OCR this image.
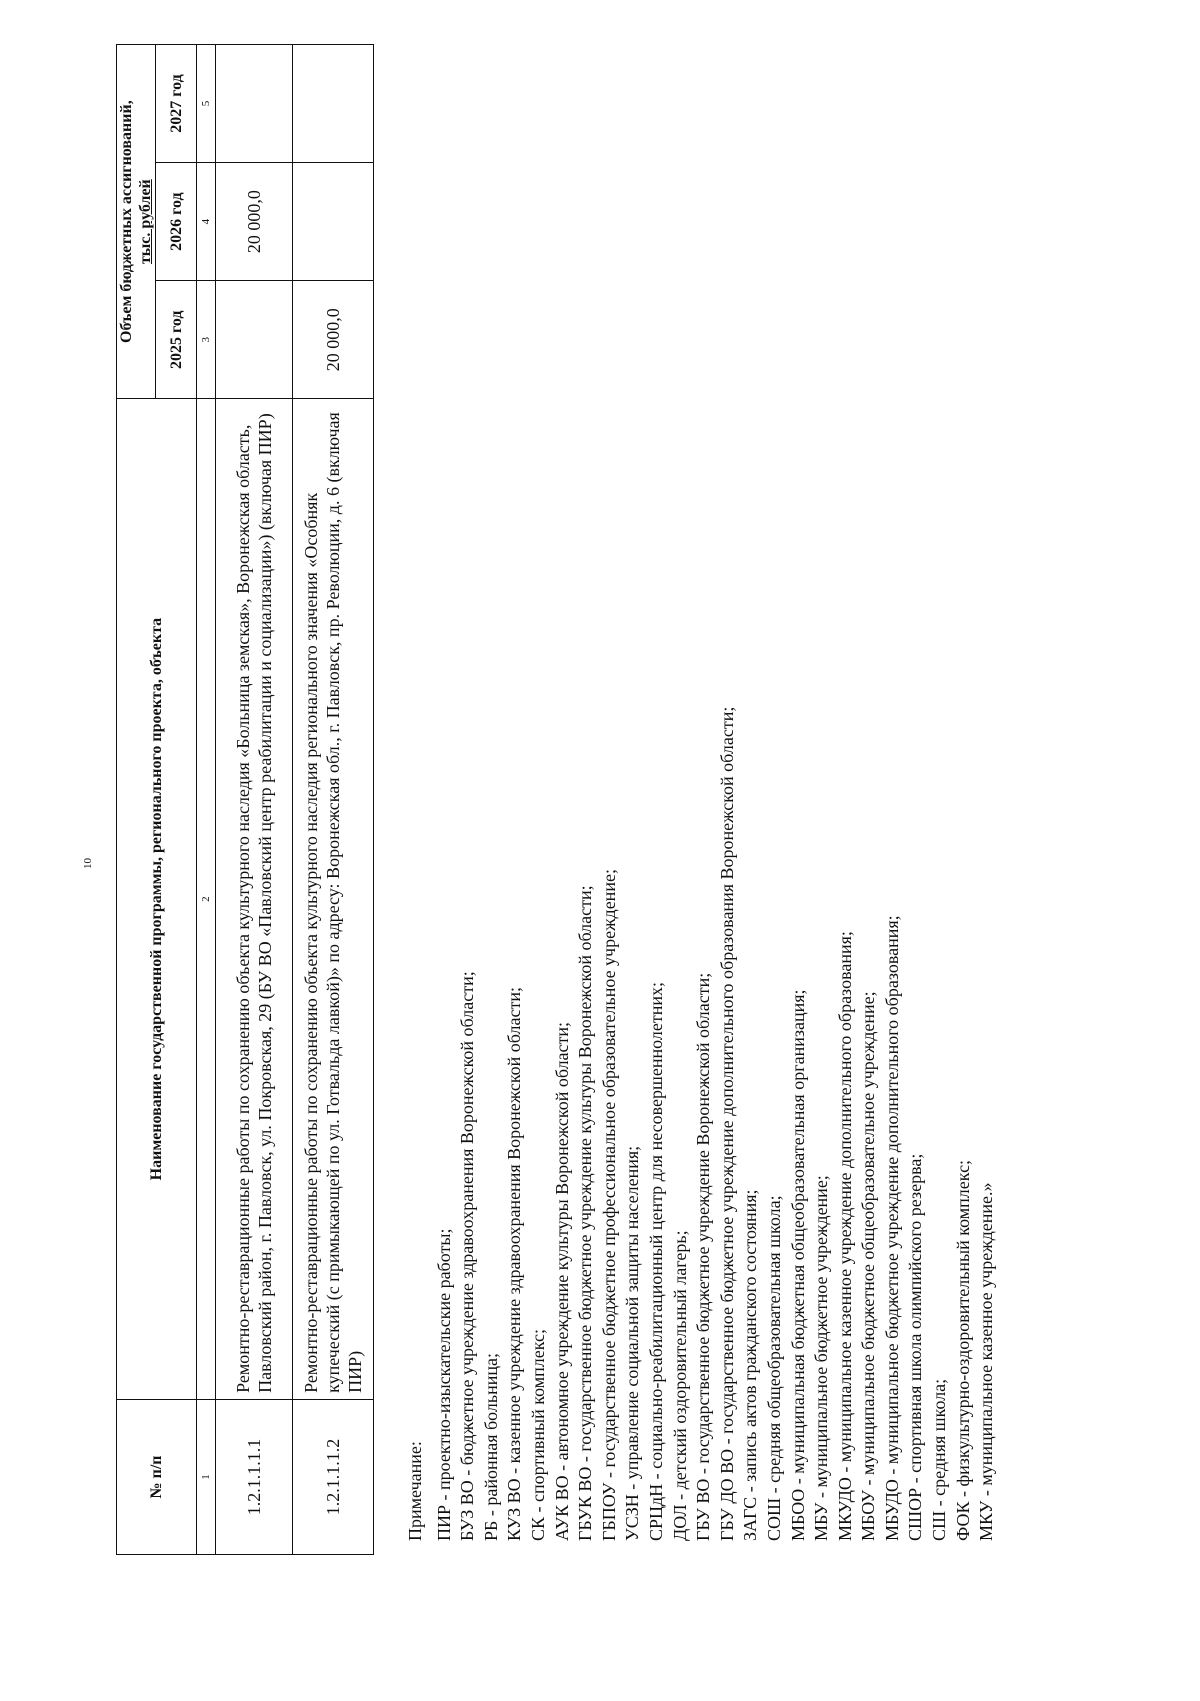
10
№ п/п	Наименование государственной программы, регионального проекта, объекта	Объем бюджетных ассигнований, тыс. рублей		

		2025 год	2026 год	2027 год
1	2	3	4	5
1.2.1.1.1.1	Ремонтно-реставрационные работы по сохранению объекта культурного наследия «Больница земская», Воронежская область, Павловский район, г. Павловск, ул. Покровская, 29 (БУ ВО «Павловский центр реабилитации и социализации») (включая ПИР)		20 000,0	
1.2.1.1.1.2	Ремонтно-реставрационные работы по сохранению объекта культурного наследия регионального значения «Особняк купеческий (с примыкающей по ул. Готвальда лавкой)» по адресу: Воронежская обл., г. Павловск, пр. Революции, д. 6 (включая ПИР)	20 000,0		
Примечание: ПИР - проектно-изыскательские работы; БУЗ ВО - бюджетное учреждение здравоохранения Воронежской области; РБ - районная больница; КУЗ ВО - казенное учреждение здравоохранения Воронежской области; СК - спортивный комплекс; АУК ВО - автономное учреждение культуры Воронежской области; ГБУК ВО - государственное бюджетное учреждение культуры Воронежской области; ГБПОУ - государственное бюджетное профессиональное образовательное учреждение; УСЗН - управление социальной защиты населения; СРЦдН - социально-реабилитационный центр для несовершеннолетних; ДОЛ - детский оздоровительный лагерь; ГБУ ВО - государственное бюджетное учреждение Воронежской области; ГБУ ДО ВО - государственное бюджетное учреждение дополнительного образования Воронежской области; ЗАГС - запись актов гражданского состояния; СОШ - средняя общеобразовательная школа; МБОО - муниципальная бюджетная общеобразовательная организация; МБУ - муниципальное бюджетное учреждение; МКУДО - муниципальное казенное учреждение дополнительного образования; МБОУ - муниципальное бюджетное общеобразовательное учреждение; МБУДО - муниципальное бюджетное учреждение дополнительного образования; СШОР - спортивная школа олимпийского резерва; СШ - средняя школа; ФОК - физкультурно-оздоровительный комплекс; МКУ - муниципальное казенное учреждение.»
